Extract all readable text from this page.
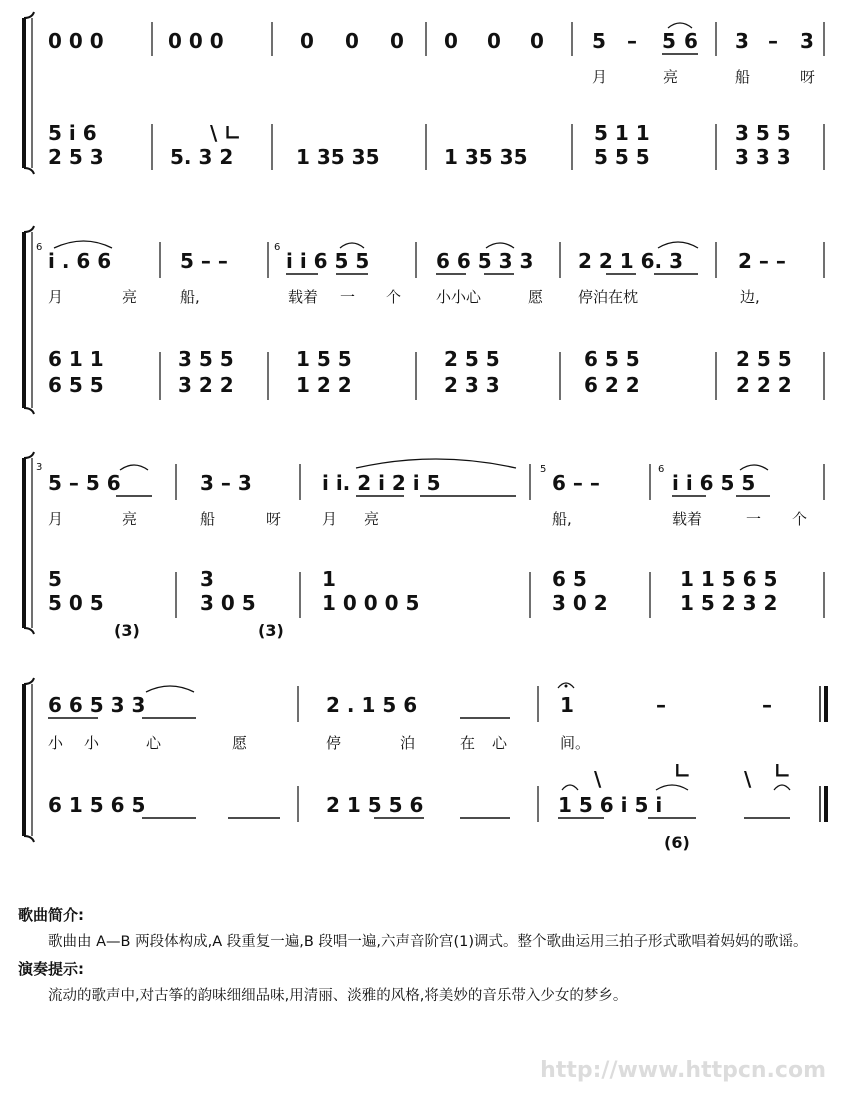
0 0 0	0 0 0	0 0 0 0 0 0 5 – 5 6 3 – 3
月	亮	船	呀
5 i 6
2 5 3	5. 3 2
\ ∟
1 35 35	1 35 35
5 1 1
5 5 5
3 5 5
3 3 3
6
i . 6 6	5 – –
6
i i 6 5 5	6 6 5 3 3 2 2 1 6. 3	2 – –
月	亮	船,	载着 一 个 小小心	愿 停泊在枕	边,
6 1 1
6 5 5
3 5 5
3 2 2
1 5 5
1 2 2
2 5 5
2 3 3
6 5 5
6 2 2
2 5 5
2 2 2
3
5 – 5 6	3 – 3	i i. 2 i 2 i 5
5
6 – –
6
i i 6 5 5
月	亮	船	呀	月 亮	船,	载着	一 个
5
5 0 5
(3)
3
3 0 5
(3)
1
1 0 0 0 5
6 5
3 0 2
1 1 5 6 5
1 5 2 3 2
6 6 5 3 3	2 . 1 5 6	1	–	–
小 小	心	愿	停	泊	在 心	间。
6 1 5 6 5	2 1 5 5 6	1 5 6 i 5 i
\	∟	\ ∟
(6)
歌曲简介:
歌曲由 A—B 两段体构成,A 段重复一遍,B 段唱一遍,六声音阶宫(1)调式。整个歌曲运用三拍子形式歌唱着妈妈的歌谣。
演奏提示:
流动的歌声中,对古筝的韵味细细品味,用清丽、淡雅的风格,将美妙的音乐带入少女的梦乡。
http://www.httpcn.com
